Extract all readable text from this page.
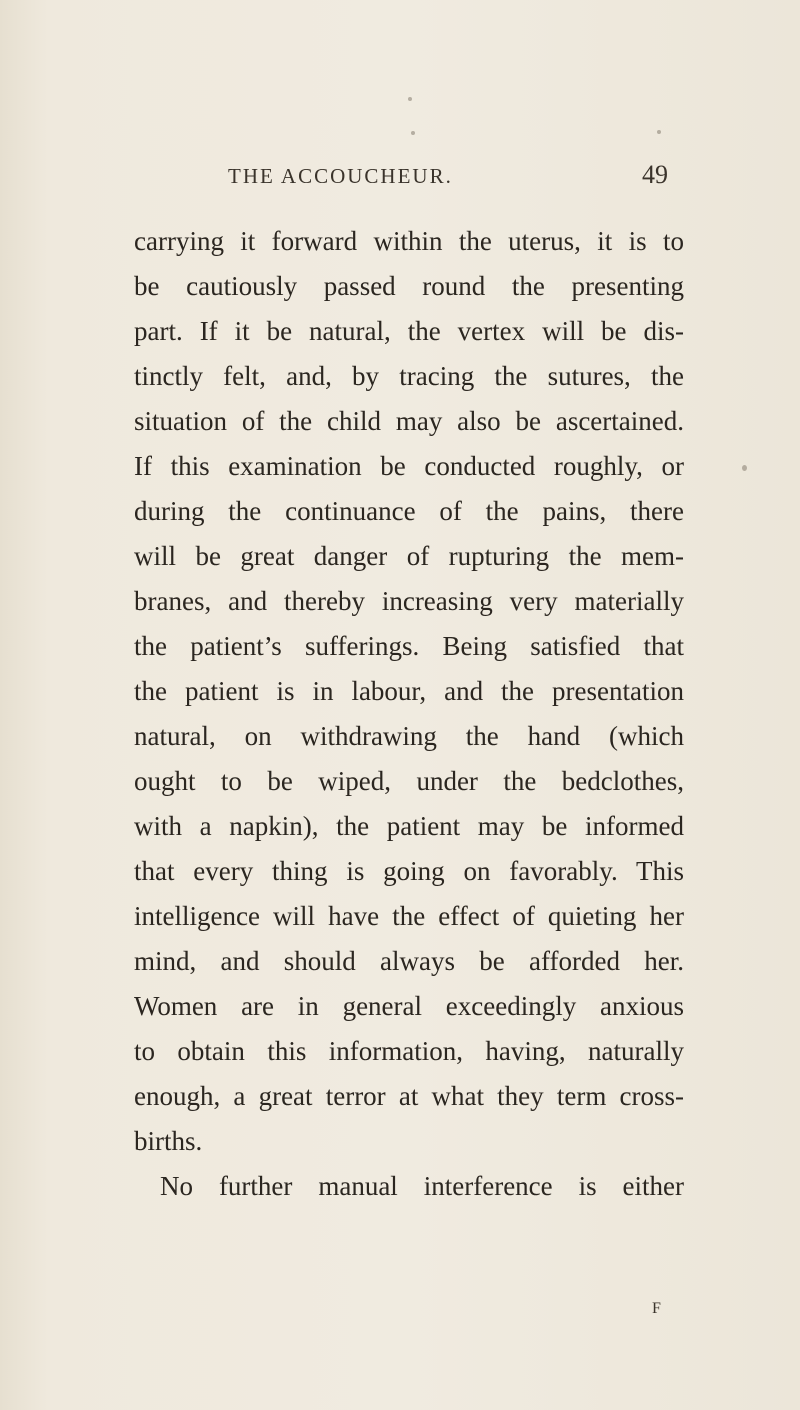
THE ACCOUCHEUR.	49
carrying it forward within the uterus, it is to
be cautiously passed round the presenting
part. If it be natural, the vertex will be dis-
tinctly felt, and, by tracing the sutures, the
situation of the child may also be ascertained.
If this examination be conducted roughly, or
during the continuance of the pains, there
will be great danger of rupturing the mem-
branes, and thereby increasing very materially
the patient’s sufferings. Being satisfied that
the patient is in labour, and the presentation
natural, on withdrawing the hand (which
ought to be wiped, under the bedclothes,
with a napkin), the patient may be informed
that every thing is going on favorably. This
intelligence will have the effect of quieting her
mind, and should always be afforded her.
Women are in general exceedingly anxious
to obtain this information, having, naturally
enough, a great terror at what they term cross-
births.
No further manual interference is either
F
